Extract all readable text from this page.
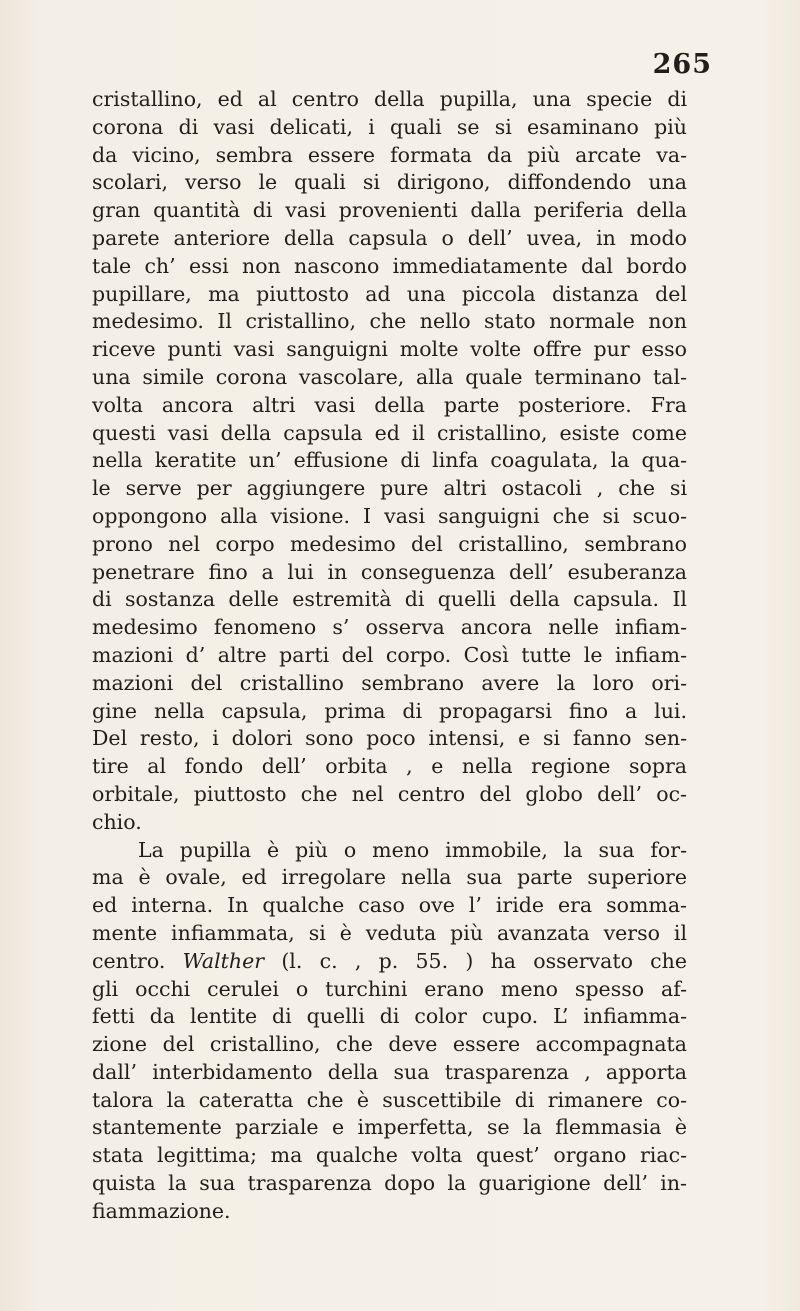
265
cristallino, ed al centro della pupilla, una specie di
corona di vasi delicati, i quali se si esaminano più
da vicino, sembra essere formata da più arcate va-
scolari, verso le quali si dirigono, diffondendo una
gran quantità di vasi provenienti dalla periferia della
parete anteriore della capsula o dell’ uvea, in modo
tale ch’ essi non nascono immediatamente dal bordo
pupillare, ma piuttosto ad una piccola distanza del
medesimo. Il cristallino, che nello stato normale non
riceve punti vasi sanguigni molte volte offre pur esso
una simile corona vascolare, alla quale terminano tal-
volta ancora altri vasi della parte posteriore. Fra
questi vasi della capsula ed il cristallino, esiste come
nella keratite un’ effusione di linfa coagulata, la qua-
le serve per aggiungere pure altri ostacoli , che si
oppongono alla visione. I vasi sanguigni che si scuo-
prono nel corpo medesimo del cristallino, sembrano
penetrare fino a lui in conseguenza dell’ esuberanza
di sostanza delle estremità di quelli della capsula. Il
medesimo fenomeno s’ osserva ancora nelle infiam-
mazioni d’ altre parti del corpo. Così tutte le infiam-
mazioni del cristallino sembrano avere la loro ori-
gine nella capsula, prima di propagarsi fino a lui.
Del resto, i dolori sono poco intensi, e si fanno sen-
tire al fondo dell’ orbita , e nella regione sopra
orbitale, piuttosto che nel centro del globo dell’ oc-
chio.
La pupilla è più o meno immobile, la sua for-
ma è ovale, ed irregolare nella sua parte superiore
ed interna. In qualche caso ove l’ iride era somma-
mente infiammata, si è veduta più avanzata verso il
centro. Walther (l. c. , p. 55. ) ha osservato che
gli occhi cerulei o turchini erano meno spesso af-
fetti da lentite di quelli di color cupo. L’ infiamma-
zione del cristallino, che deve essere accompagnata
dall’ interbidamento della sua trasparenza , apporta
talora la cateratta che è suscettibile di rimanere co-
stantemente parziale e imperfetta, se la flemmasia è
stata legittima; ma qualche volta quest’ organo riac-
quista la sua trasparenza dopo la guarigione dell’ in-
fiammazione.
